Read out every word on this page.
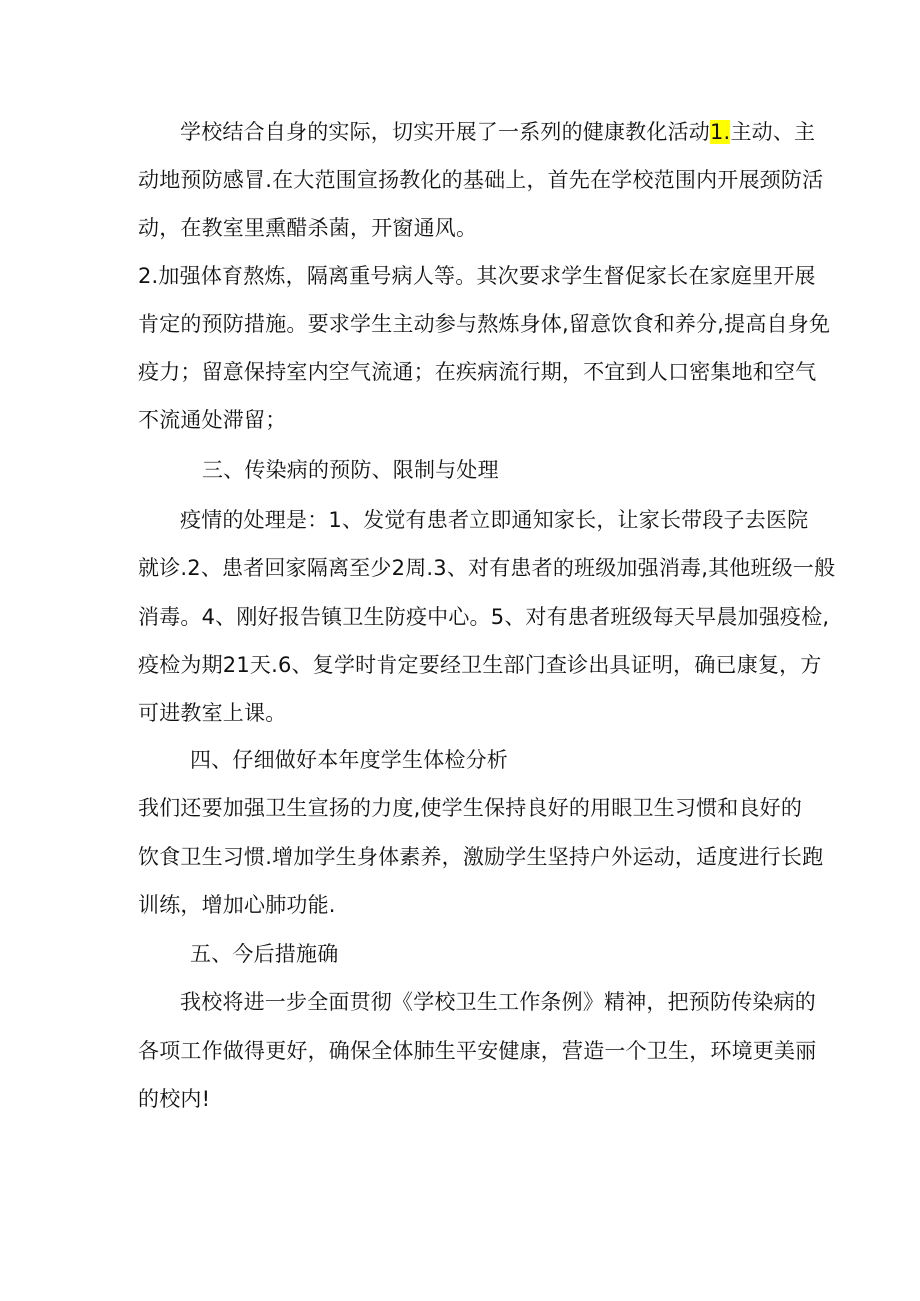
学校结合自身的实际，切实开展了一系列的健康教化活动1.主动、主
动地预防感冒.在大范围宣扬教化的基础上，首先在学校范围内开展颈防活
动，在教室里熏醋杀菌，开窗通风。
2.加强体育熬炼，隔离重号病人等。其次要求学生督促家长在家庭里开展
肯定的预防措施。要求学生主动参与熬炼身体,留意饮食和养分,提高自身免
疫力；留意保持室内空气流通；在疾病流行期，不宜到人口密集地和空气
不流通处滞留；
三、传染病的预防、限制与处理
疫情的处理是：1、发觉有患者立即通知家长，让家长带段子去医院
就诊.2、患者回家隔离至少2周.3、对有患者的班级加强消毒,其他班级一般
消毒。4、刚好报告镇卫生防疫中心。5、对有患者班级每天早晨加强疫检,
疫检为期21天.6、复学时肯定要经卫生部门查诊出具证明，确已康复，方
可进教室上课。
四、仔细做好本年度学生体检分析
我们还要加强卫生宣扬的力度,使学生保持良好的用眼卫生习惯和良好的
饮食卫生习惯.增加学生身体素养，激励学生坚持户外运动，适度进行长跑
训练，增加心肺功能.
五、今后措施确
我校将进一步全面贯彻《学校卫生工作条例》精神，把预防传染病的
各项工作做得更好，确保全体肺生平安健康，营造一个卫生，环境更美丽
的校内!
